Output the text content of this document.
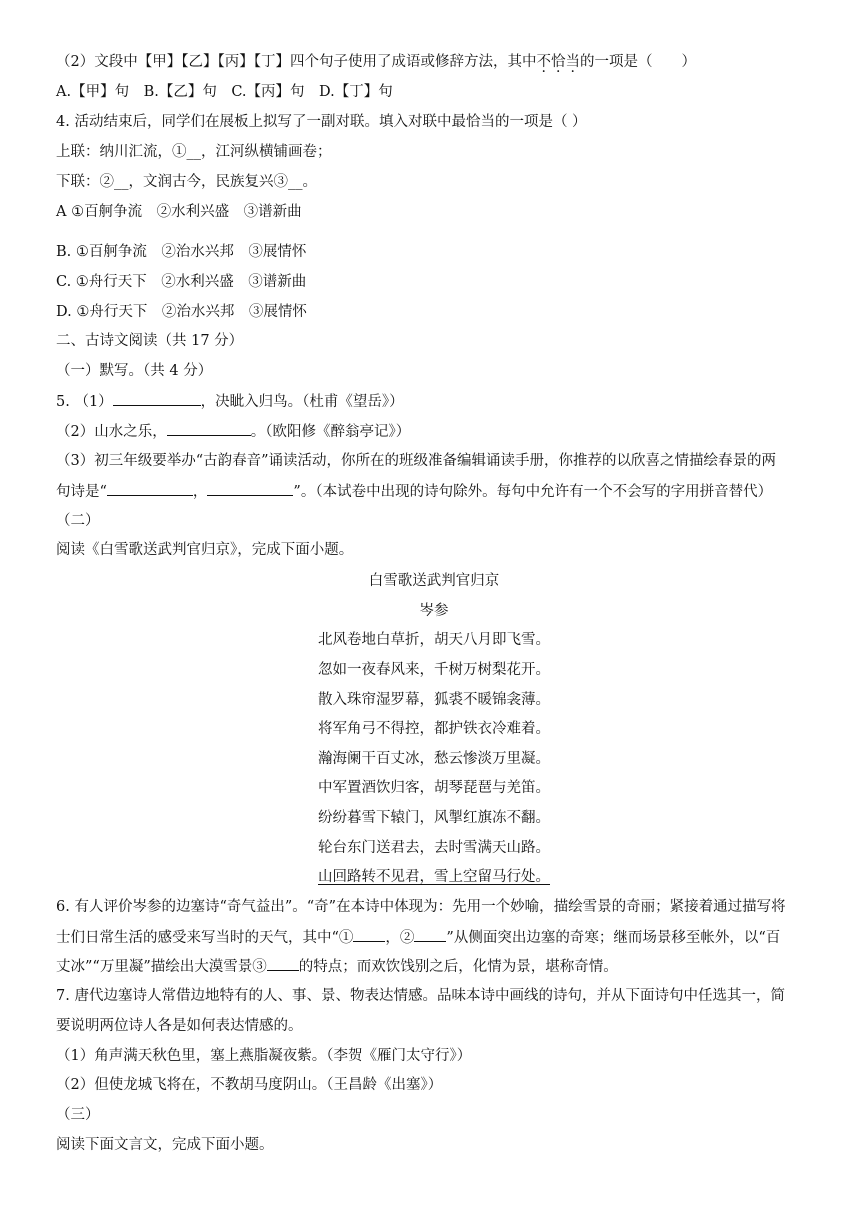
（2）文段中【甲】【乙】【丙】【丁】四个句子使用了成语或修辞方法，其中不恰当的一项是（　　）
A.【甲】句　B.【乙】句　C.【丙】句　D.【丁】句
4. 活动结束后，同学们在展板上拟写了一副对联。填入对联中最恰当的一项是（ ）
上联：纳川汇流，①__，江河纵横铺画卷；
下联：②__，文润古今，民族复兴③__。
A ①百舸争流　②水利兴盛　③谱新曲
B. ①百舸争流　②治水兴邦　③展情怀
C. ①舟行天下　②水利兴盛　③谱新曲
D. ①舟行天下　②治水兴邦　③展情怀
二、古诗文阅读（共 17 分）
（一）默写。（共 4 分）
5. （1）	，决眦入归鸟。（杜甫《望岳》）
（2）山水之乐，	。（欧阳修《醉翁亭记》）
（3）初三年级要举办“古韵春音”诵读活动，你所在的班级准备编辑诵读手册，你推荐的以欣喜之情描绘春景的两
句诗是“	，	”。（本试卷中出现的诗句除外。每句中允许有一个不会写的字用拼音替代）
（二）
阅读《白雪歌送武判官归京》，完成下面小题。
白雪歌送武判官归京
岑参
北风卷地白草折，胡天八月即飞雪。
忽如一夜春风来，千树万树梨花开。
散入珠帘湿罗幕，狐裘不暖锦衾薄。
将军角弓不得控，都护铁衣冷难着。
瀚海阑干百丈冰，愁云惨淡万里凝。
中军置酒饮归客，胡琴琵琶与羌笛。
纷纷暮雪下辕门，风掣红旗冻不翻。
轮台东门送君去，去时雪满天山路。
山回路转不见君，雪上空留马行处。
6. 有人评价岑参的边塞诗“奇气益出”。“奇”在本诗中体现为：先用一个妙喻，描绘雪景的奇丽；紧接着通过描写将
士们日常生活的感受来写当时的天气，其中“① ，② ”从侧面突出边塞的奇寒；继而场景移至帐外，以“百
丈冰”“万里凝”描绘出大漠雪景③ 的特点；而欢饮饯别之后，化情为景，堪称奇情。
7. 唐代边塞诗人常借边地特有的人、事、景、物表达情感。品味本诗中画线的诗句，并从下面诗句中任选其一，简
要说明两位诗人各是如何表达情感的。
（1）角声满天秋色里，塞上燕脂凝夜紫。（李贺《雁门太守行》）
（2）但使龙城飞将在，不教胡马度阴山。（王昌龄《出塞》）
（三）
阅读下面文言文，完成下面小题。
